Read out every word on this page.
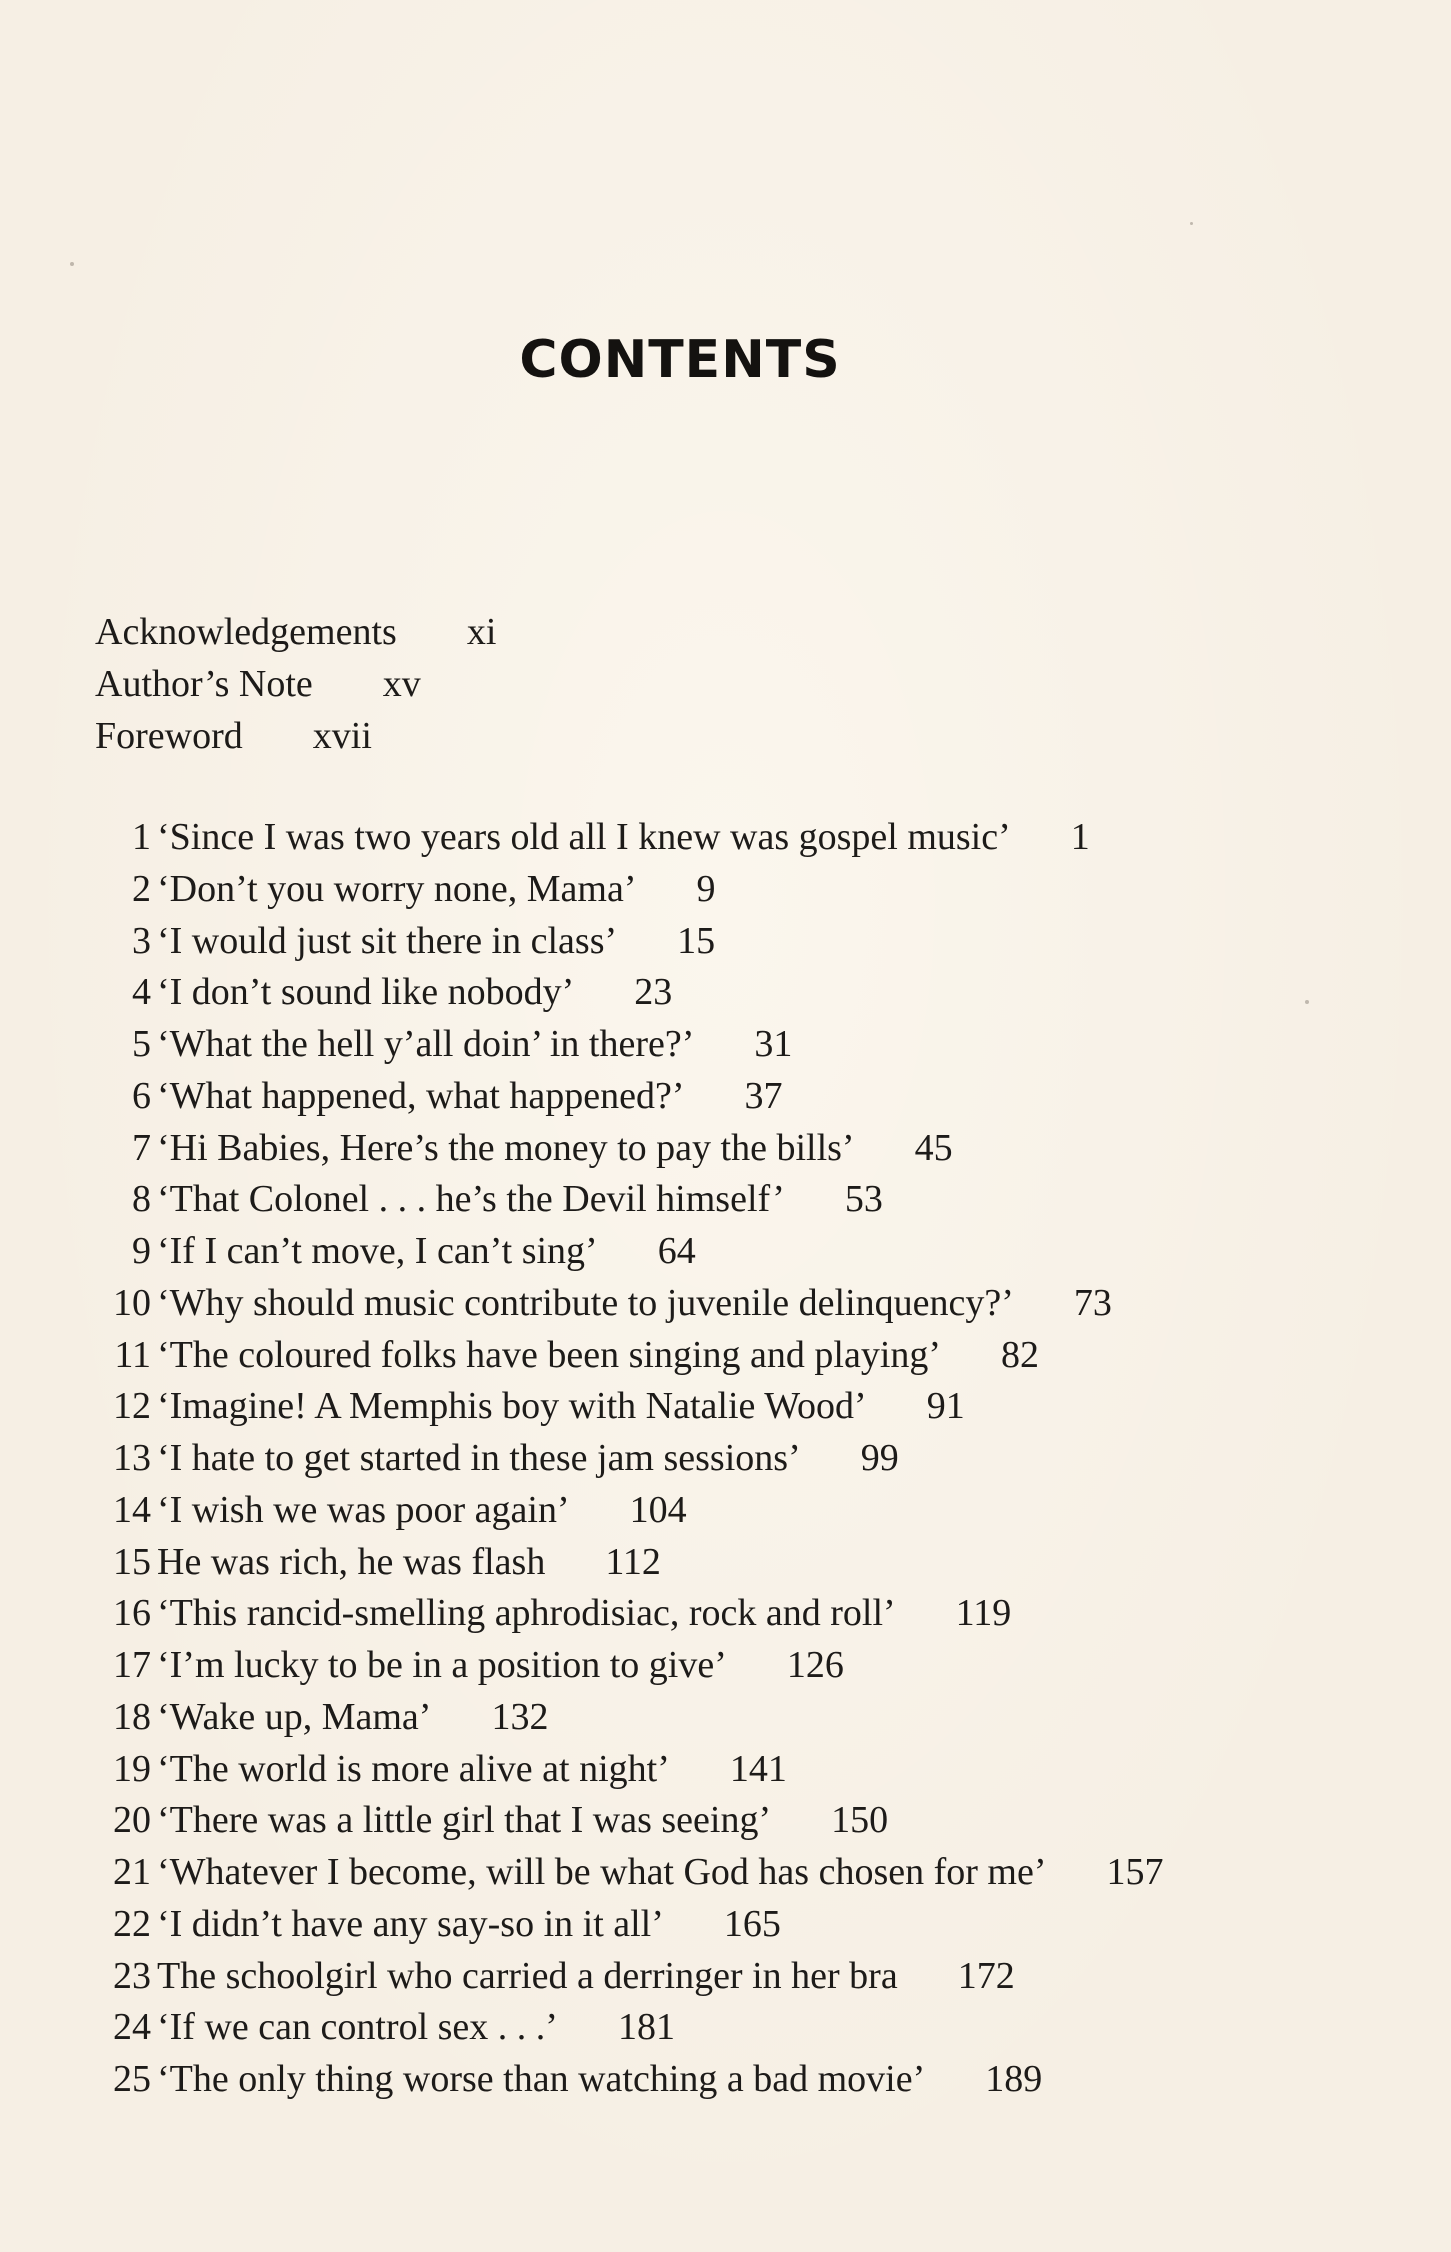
CONTENTS
Acknowledgements xi
Author’s Note xv
Foreword xvii
1 ‘Since I was two years old all I knew was gospel music’ 1
2 ‘Don’t you worry none, Mama’ 9
3 ‘I would just sit there in class’ 15
4 ‘I don’t sound like nobody’ 23
5 ‘What the hell y’all doin’ in there?’ 31
6 ‘What happened, what happened?’ 37
7 ‘Hi Babies, Here’s the money to pay the bills’ 45
8 ‘That Colonel . . . he’s the Devil himself’ 53
9 ‘If I can’t move, I can’t sing’ 64
10 ‘Why should music contribute to juvenile delinquency?’ 73
11 ‘The coloured folks have been singing and playing’ 82
12 ‘Imagine! A Memphis boy with Natalie Wood’ 91
13 ‘I hate to get started in these jam sessions’ 99
14 ‘I wish we was poor again’ 104
15 He was rich, he was flash 112
16 ‘This rancid-smelling aphrodisiac, rock and roll’ 119
17 ‘I’m lucky to be in a position to give’ 126
18 ‘Wake up, Mama’ 132
19 ‘The world is more alive at night’ 141
20 ‘There was a little girl that I was seeing’ 150
21 ‘Whatever I become, will be what God has chosen for me’ 157
22 ‘I didn’t have any say-so in it all’ 165
23 The schoolgirl who carried a derringer in her bra 172
24 ‘If we can control sex . . .’ 181
25 ‘The only thing worse than watching a bad movie’ 189
